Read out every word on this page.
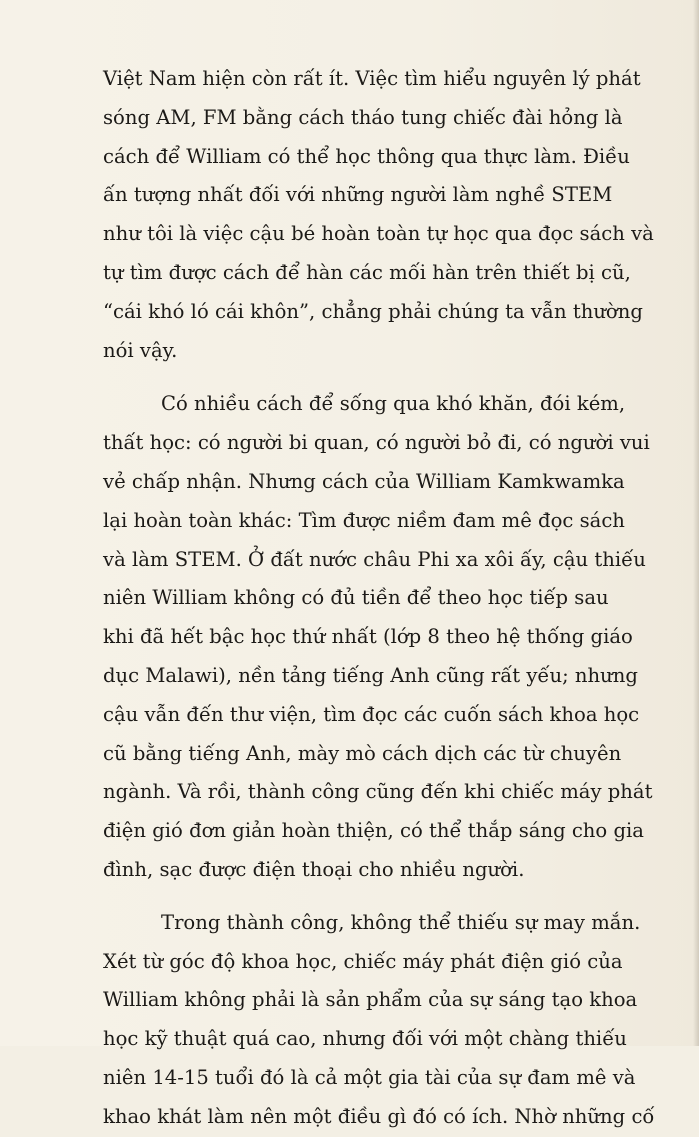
Việt Nam hiện còn rất ít. Việc tìm hiểu nguyên lý phát
sóng AM, FM bằng cách tháo tung chiếc đài hỏng là
cách để William có thể học thông qua thực làm. Điều
ấn tượng nhất đối với những người làm nghề STEM
như tôi là việc cậu bé hoàn toàn tự học qua đọc sách và
tự tìm được cách để hàn các mối hàn trên thiết bị cũ,
“cái khó ló cái khôn”, chẳng phải chúng ta vẫn thường
nói vậy.

Có nhiều cách để sống qua khó khăn, đói kém,
thất học: có người bi quan, có người bỏ đi, có người vui
vẻ chấp nhận. Nhưng cách của William Kamkwamka
lại hoàn toàn khác: Tìm được niềm đam mê đọc sách
và làm STEM. Ở đất nước châu Phi xa xôi ấy, cậu thiếu
niên William không có đủ tiền để theo học tiếp sau
khi đã hết bậc học thứ nhất (lớp 8 theo hệ thống giáo
dục Malawi), nền tảng tiếng Anh cũng rất yếu; nhưng
cậu vẫn đến thư viện, tìm đọc các cuốn sách khoa học
cũ bằng tiếng Anh, mày mò cách dịch các từ chuyên
ngành. Và rồi, thành công cũng đến khi chiếc máy phát
điện gió đơn giản hoàn thiện, có thể thắp sáng cho gia
đình, sạc được điện thoại cho nhiều người.

Trong thành công, không thể thiếu sự may mắn.
Xét từ góc độ khoa học, chiếc máy phát điện gió của
William không phải là sản phẩm của sự sáng tạo khoa
học kỹ thuật quá cao, nhưng đối với một chàng thiếu
niên 14-15 tuổi đó là cả một gia tài của sự đam mê và
khao khát làm nên một điều gì đó có ích. Nhờ những cố
